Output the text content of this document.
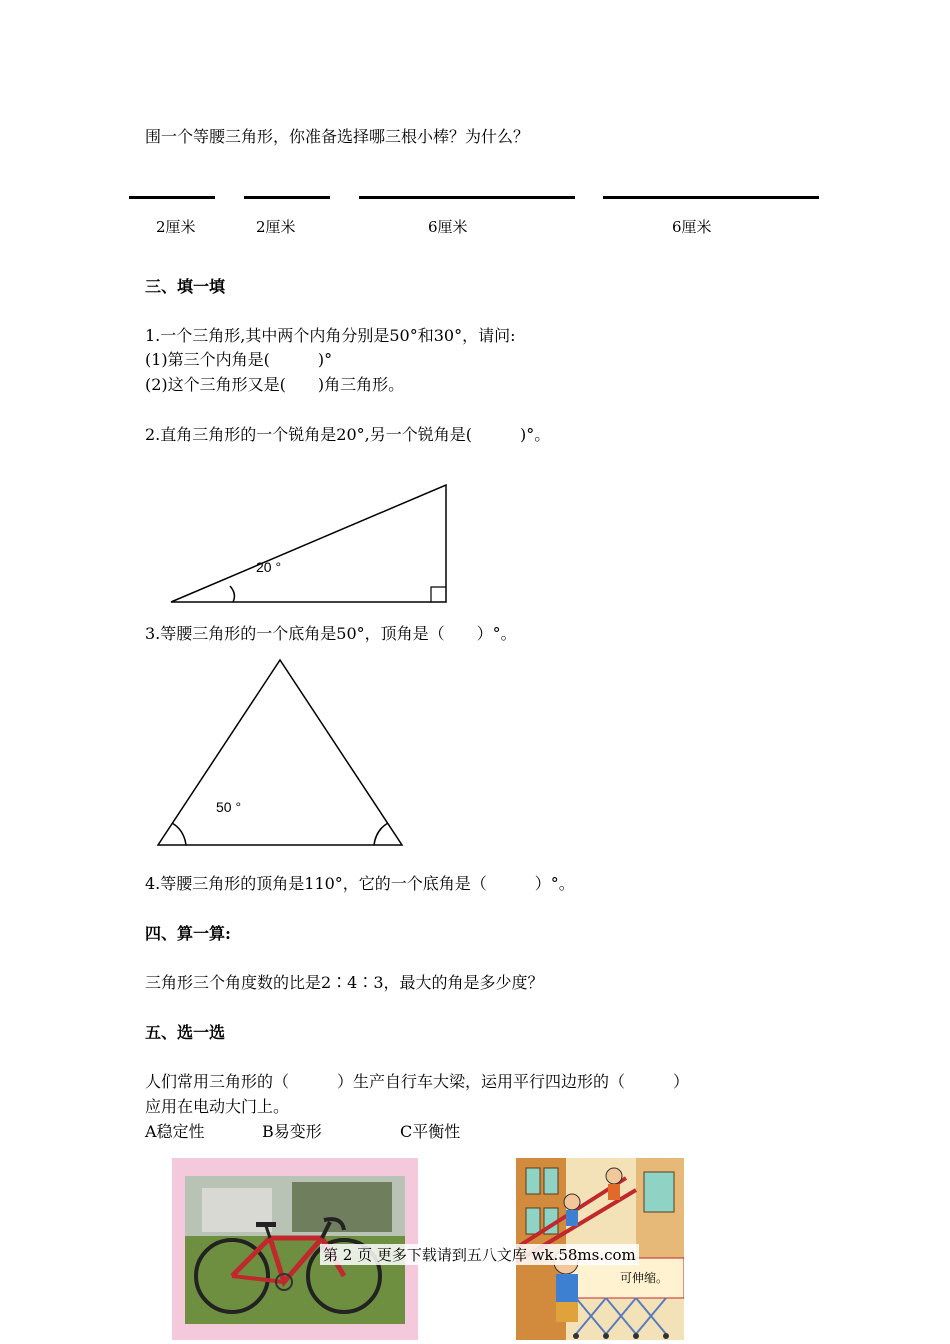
围一个等腰三角形，你准备选择哪三根小棒？为什么？
2厘米	2厘米	6厘米	6厘米
三、填一填
1.一个三角形,其中两个内角分别是50°和30°，请问:
(1)第三个内角是(　　　)°
(2)这个三角形又是(　　)角三角形。
2.直角三角形的一个锐角是20°,另一个锐角是(　　　)°。
20 °
3.等腰三角形的一个底角是50°，顶角是（　　）°。
50 °
4.等腰三角形的顶角是110°，它的一个底角是（　　　）°。
四、算一算:
三角形三个角度数的比是2∶4∶3，最大的角是多少度？
五、选一选
人们常用三角形的（　　　）生产自行车大梁，运用平行四边形的（　　　）
应用在电动大门上。
A稳定性	B易变形	C平衡性
可伸缩。
第 2 页 更多下载请到五八文库 wk.58ms.com
